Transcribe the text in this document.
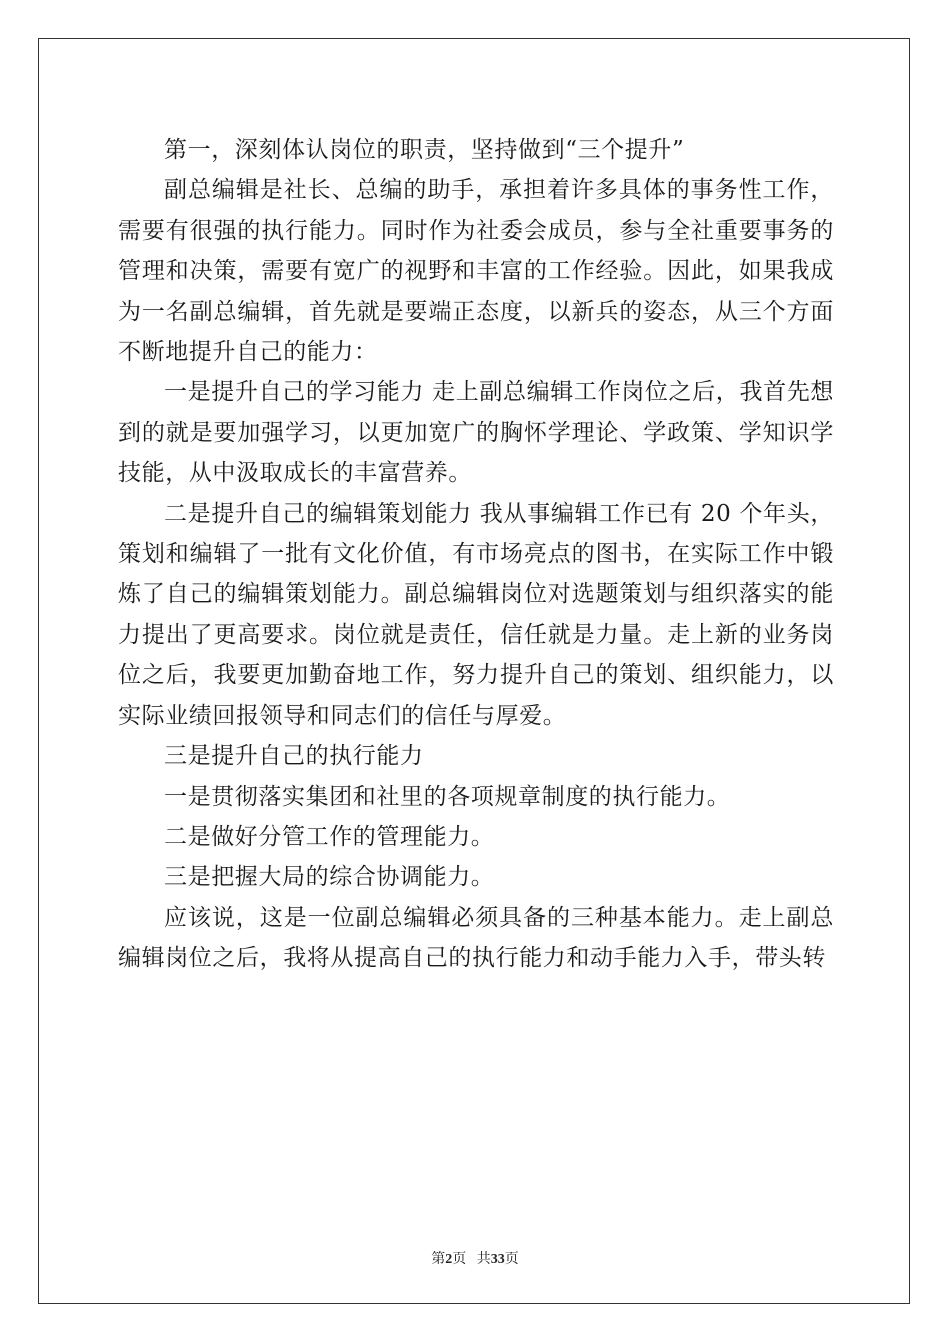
第一，深刻体认岗位的职责，坚持做到“三个提升”

副总编辑是社长、总编的助手，承担着许多具体的事务性工作，需要有很强的执行能力。同时作为社委会成员，参与全社重要事务的管理和决策，需要有宽广的视野和丰富的工作经验。因此，如果我成为一名副总编辑，首先就是要端正态度，以新兵的姿态，从三个方面不断地提升自己的能力：

一是提升自己的学习能力 走上副总编辑工作岗位之后，我首先想到的就是要加强学习，以更加宽广的胸怀学理论、学政策、学知识学技能，从中汲取成长的丰富营养。

二是提升自己的编辑策划能力 我从事编辑工作已有 20 个年头，策划和编辑了一批有文化价值，有市场亮点的图书，在实际工作中锻炼了自己的编辑策划能力。副总编辑岗位对选题策划与组织落实的能力提出了更高要求。岗位就是责任，信任就是力量。走上新的业务岗位之后，我要更加勤奋地工作，努力提升自己的策划、组织能力，以实际业绩回报领导和同志们的信任与厚爱。

三是提升自己的执行能力

一是贯彻落实集团和社里的各项规章制度的执行能力。

二是做好分管工作的管理能力。

三是把握大局的综合协调能力。

应该说，这是一位副总编辑必须具备的三种基本能力。走上副总编辑岗位之后，我将从提高自己的执行能力和动手能力入手，带头转

第2页 共33页
